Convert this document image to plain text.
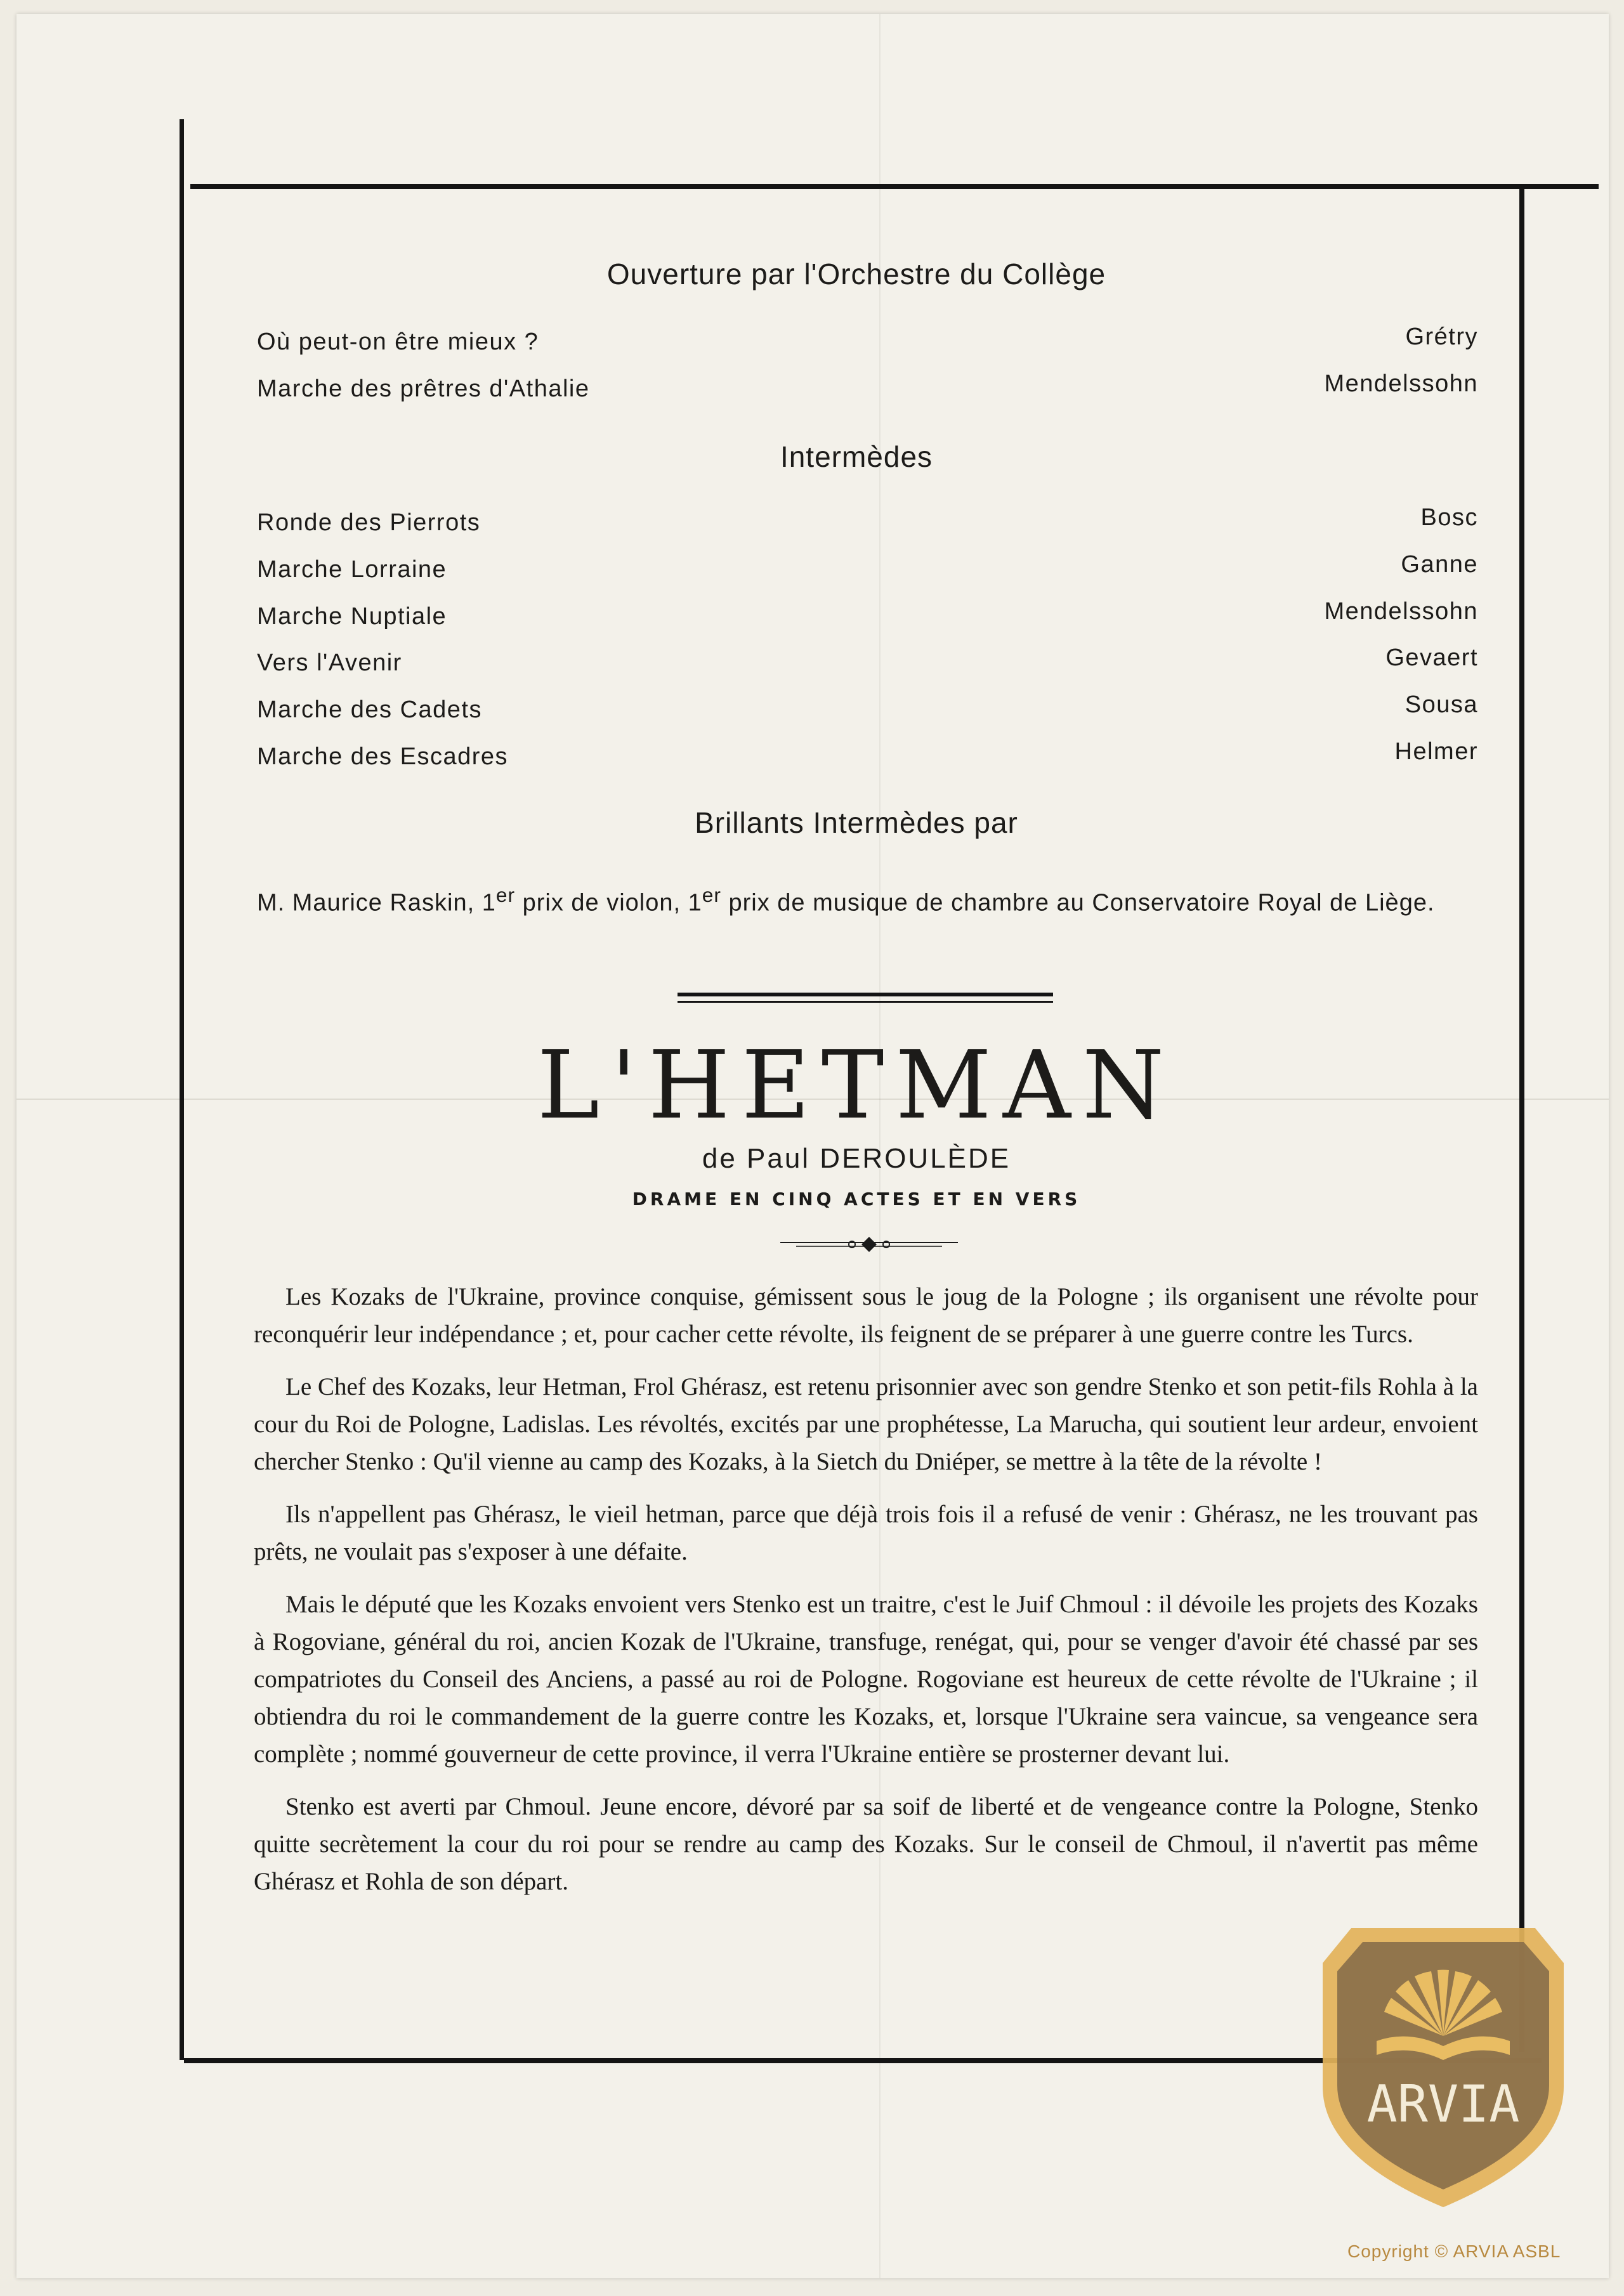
Ouverture par l'Orchestre du Collège
Où peut-on être mieux ?	Grétry
Marche des prêtres d'Athalie	Mendelssohn
Intermèdes
Ronde des Pierrots	Bosc
Marche Lorraine	Ganne
Marche Nuptiale	Mendelssohn
Vers l'Avenir	Gevaert
Marche des Cadets	Sousa
Marche des Escadres	Helmer
Brillants Intermèdes par
M. Maurice Raskin, 1er prix de violon, 1er prix de musique de chambre au Conservatoire Royal de Liège.
L'HETMAN
de Paul DEROULÈDE
DRAME EN CINQ ACTES ET EN VERS

Les Kozaks de l'Ukraine, province conquise, gémissent sous le joug de la Pologne ; ils organisent une révolte pour reconquérir leur indépendance ; et, pour cacher cette révolte, ils feignent de se préparer à une guerre contre les Turcs.

Le Chef des Kozaks, leur Hetman, Frol Ghérasz, est retenu prisonnier avec son gendre Stenko et son petit-fils Rohla à la cour du Roi de Pologne, Ladislas. Les révoltés, excités par une prophétesse, La Marucha, qui soutient leur ardeur, envoient chercher Stenko : Qu'il vienne au camp des Kozaks, à la Sietch du Dniéper, se mettre à la tête de la révolte !

Ils n'appellent pas Ghérasz, le vieil hetman, parce que déjà trois fois il a refusé de venir : Ghérasz, ne les trouvant pas prêts, ne voulait pas s'exposer à une défaite.

Mais le député que les Kozaks envoient vers Stenko est un traitre, c'est le Juif Chmoul : il dévoile les projets des Kozaks à Rogoviane, général du roi, ancien Kozak de l'Ukraine, transfuge, renégat, qui, pour se venger d'avoir été chassé par ses compatriotes du Conseil des Anciens, a passé au roi de Pologne. Rogoviane est heureux de cette révolte de l'Ukraine ; il obtiendra du roi le commandement de la guerre contre les Kozaks, et, lorsque l'Ukraine sera vaincue, sa vengeance sera complète ; nommé gouverneur de cette province, il verra l'Ukraine entière se prosterner devant lui.

Stenko est averti par Chmoul. Jeune encore, dévoré par sa soif de liberté et de vengeance contre la Pologne, Stenko quitte secrètement la cour du roi pour se rendre au camp des Kozaks. Sur le conseil de Chmoul, il n'avertit pas même Ghérasz et Rohla de son départ.

ARVIA
Copyright © ARVIA ASBL
